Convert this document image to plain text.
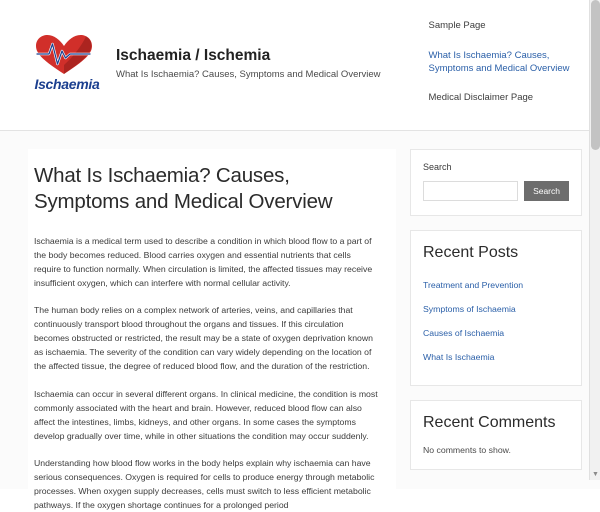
Ischaemia

Ischaemia / Ischemia

What Is Ischaemia? Causes, Symptoms and Medical Overview

Sample Page
What Is Ischaemia? Causes, Symptoms and Medical Overview
Medical Disclaimer Page
What Is Ischaemia? Causes, Symptoms and Medical Overview

Ischaemia is a medical term used to describe a condition in which blood flow to a part of the body becomes reduced. Blood carries oxygen and essential nutrients that cells require to function normally. When circulation is limited, the affected tissues may receive insufficient oxygen, which can interfere with normal cellular activity.

The human body relies on a complex network of arteries, veins, and capillaries that continuously transport blood throughout the organs and tissues. If this circulation becomes obstructed or restricted, the result may be a state of oxygen deprivation known as ischaemia. The severity of the condition can vary widely depending on the location of the affected tissue, the degree of reduced blood flow, and the duration of the restriction.

Ischaemia can occur in several different organs. In clinical medicine, the condition is most commonly associated with the heart and brain. However, reduced blood flow can also affect the intestines, limbs, kidneys, and other organs. In some cases the symptoms develop gradually over time, while in other situations the condition may occur suddenly.

Understanding how blood flow works in the body helps explain why ischaemia can have serious consequences. Oxygen is required for cells to produce energy through metabolic processes. When oxygen supply decreases, cells must switch to less efficient metabolic pathways. If the oxygen shortage continues for a prolonged period

Search
Search
Recent Posts
Treatment and Prevention
Symptoms of Ischaemia
Causes of Ischaemia
What Is Ischaemia
Recent Comments

No comments to show.

▼
